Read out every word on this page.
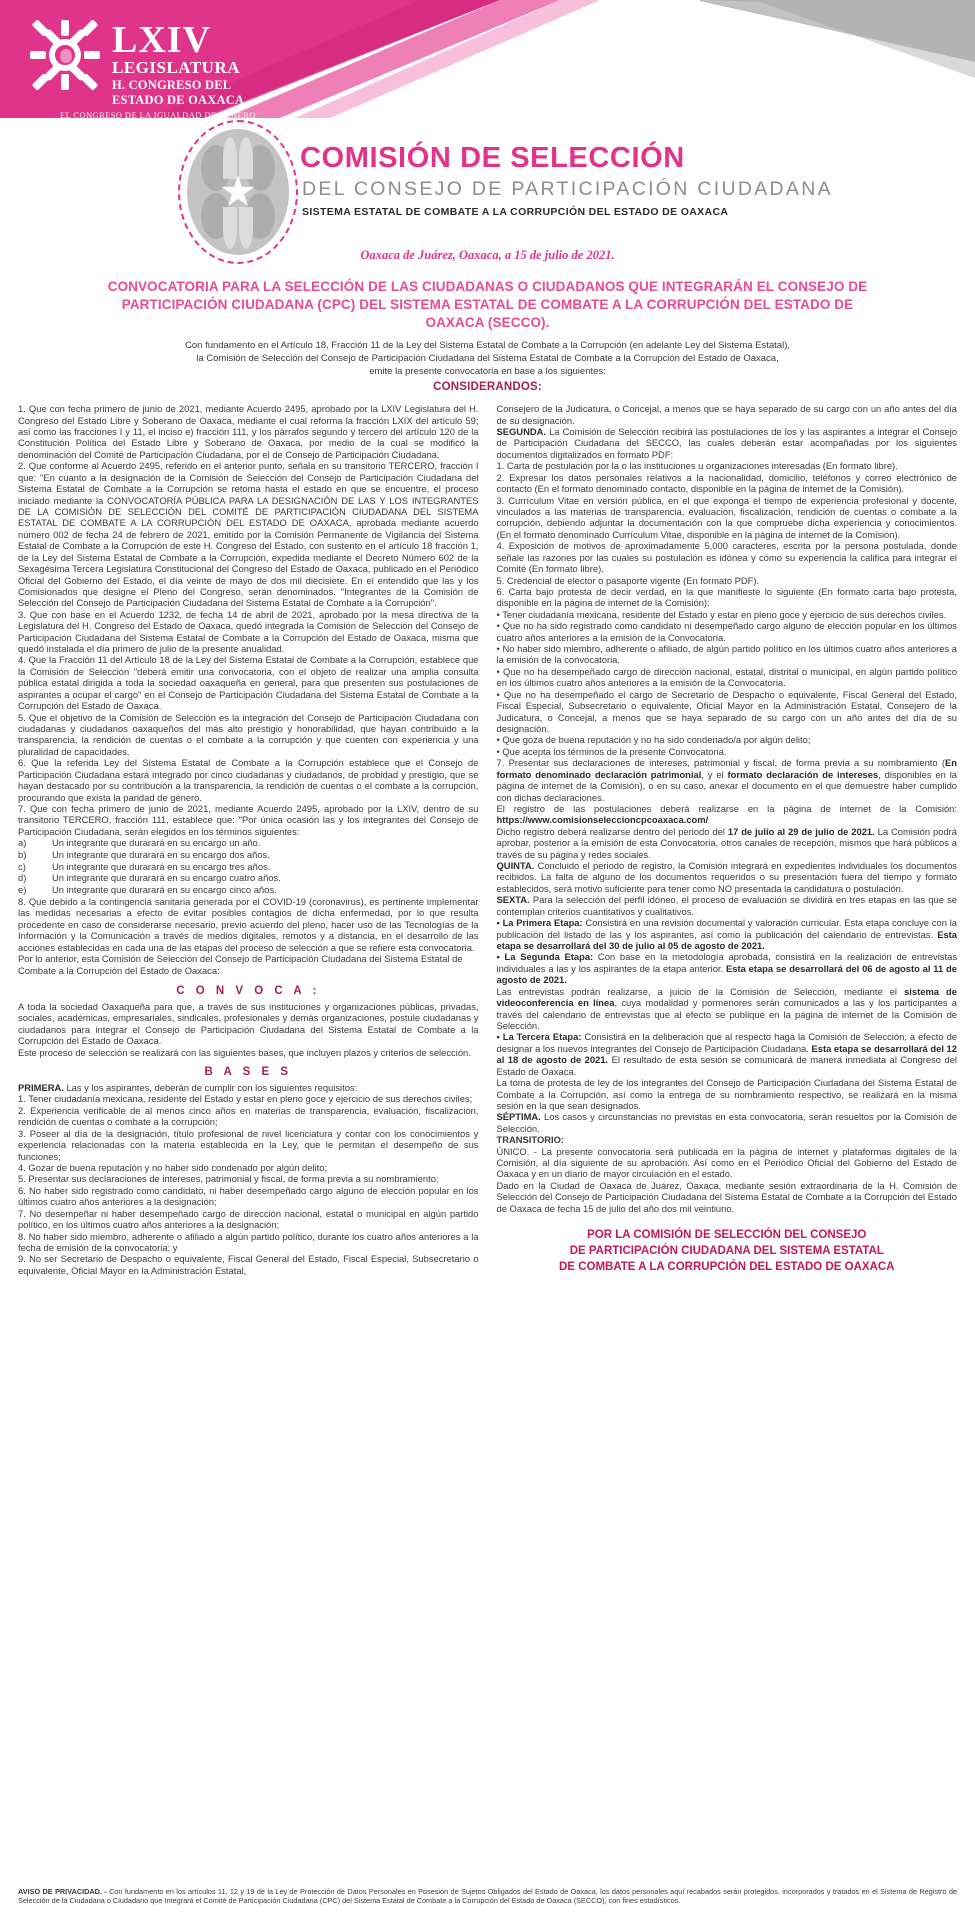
LXIV
LEGISLATURA
H. CONGRESO DEL
ESTADO DE OAXACA
EL CONGRESO DE LA IGUALDAD DE GÉNERO
COMISIÓN DE SELECCIÓN
DEL CONSEJO DE PARTICIPACIÓN CIUDADANA
SISTEMA ESTATAL DE COMBATE A LA CORRUPCIÓN DEL ESTADO DE OAXACA
Oaxaca de Juárez, Oaxaca, a 15 de julio de 2021.
CONVOCATORIA PARA LA SELECCIÓN DE LAS CIUDADANAS O CIUDADANOS QUE INTEGRARÁN EL CONSEJO DE PARTICIPACIÓN CIUDADANA (CPC) DEL SISTEMA ESTATAL DE COMBATE A LA CORRUPCIÓN DEL ESTADO DE OAXACA (SECCO).
Con fundamento en el Artículo 18, Fracción 11 de la Ley del Sistema Estatal de Combate a la Corrupción (en adelante Ley del Sistema Estatal),
la Comisión de Selección del Consejo de Participación Ciudadana del Sistema Estatal de Combate a la Corrupción del Estado de Oaxaca,
emite la presente convocatoria en base a los siguientes:
CONSIDERANDOS:

1. Que con fecha primero de junio de 2021, mediante Acuerdo 2495, aprobado por la LXIV Legislatura del H. Congreso del Estado Libre y Soberano de Oaxaca, mediante el cual reforma la fracción LXIX del artículo 59; así como las fracciones I y 11, el inciso e) fracción 111, y los párrafos segundo y tercero del artículo 120 de la Constitución Política del Estado Libre y Soberano de Oaxaca, por medio de la cual se modificó la denominación del Comité de Participación Ciudadana, por el de Consejo de Participación Ciudadana.

2. Que conforme al Acuerdo 2495, referido en el anterior punto, señala en su transitorio TERCERO, fracción I que: "En cuanto a la designación de la Comisión de Selección del Consejo de Participación Ciudadana del Sistema Estatal de Combate a la Corrupción se retoma hasta el estado en que se encuentre, el proceso iniciado mediante la CONVOCATORÍA PÚBLICA PARA LA DESIGNACIÓN DE LAS Y LOS INTEGRANTES DE LA COMISIÓN DE SELECCIÓN DEL COMITÉ DE PARTICIPACIÓN CIUDADANA DEL SISTEMA ESTATAL DE COMBATE A LA CORRUPCIÓN DEL ESTADO DE OAXACA, aprobada mediante acuerdo número 002 de fecha 24 de febrero de 2021, emitido por la Comisión Permanente de Vigilancia del Sistema Estatal de Combate a la Corrupción de este H. Congreso del Estado, con sustento en el artículo 18 fracción 1, de la Ley del Sistema Estatal de Combate a la Corrupción, expedida mediante el Decreto Número 602 de la Sexagésima Tercera Legislatura Constitucional del Congreso del Estado de Oaxaca, publicado en el Periódico Oficial del Gobierno del Estado, el día veinte de mayo de dos mil diecisiete. En el entendido que las y los Comisionados que designe el Pleno del Congreso, serán denominados. "Integrantes de la Comisión de Selección del Consejo de Participación Ciudadana del Sistema Estatal de Combate a la Corrupción".

3. Que con base en el Acuerdo 1232, de fecha 14 de abril de 2021, aprobado por la mesa directiva de la Legislatura del H. Congreso del Estado de Oaxaca, quedó integrada la Comisión de Selección del Consejo de Participación Ciudadana del Sistema Estatal de Combate a la Corrupción del Estado de Oaxaca, misma que quedó instalada el día primero de julio de la presente anualidad.

4. Que la Fracción 11 del Artículo 18 de la Ley del Sistema Estatal de Combate a la Corrupción, establece que la Comisión de Selección "deberá emitir una convocatoria, con el objeto de realizar una amplia consulta pública estatal dirigida a toda la sociedad oaxaqueña en general, para que presenten sus postulaciones de aspirantes a ocupar el cargo" en el Consejo de Participación Ciudadana del Sistema Estatal de Combate a la Corrupción del Estado de Oaxaca.

5. Que el objetivo de la Comisión de Selección es la integración del Consejo de Participación Ciudadana con ciudadanas y ciudadanos oaxaqueños del más alto prestigio y honorabilidad, que hayan contribuido a la transparencia, la rendición de cuentas o el combate a la corrupción y que cuenten con experiencia y una pluralidad de capacidades.

6. Que la referida Ley del Sistema Estatal de Combate a la Corrupción establece que el Consejo de Participación Ciudadana estará integrado por cinco ciudadanas y ciudadanos, de probidad y prestigio, que se hayan destacado por su contribución a la transparencia, la rendición de cuentas o el combate a la corrupción, procurando que exista la paridad de género.

7. Que con fecha primero de junio de 2021, mediante Acuerdo 2495, aprobado por la LXIV, dentro de su transitorio TERCERO, fracción 111, establece que: "Por única ocasión las y los integrantes del Consejo de Participación Ciudadana, serán elegidos en los términos siguientes:

a)	Un integrante que durarará en su encargo un año.
b)	Un integrante que durarará en su encargo dos años.
c)	Un integrante que durarará en su encargo tres años.
d)	Un integrante que durarará en su encargo cuatro años.
e)	Un integrante que durarará en su encargo cinco años.

8. Que debido a la contingencia sanitaria generada por el COVID-19 (coronavirus), es pertinente implementar las medidas necesarias a efecto de evitar posibles contagios de dicha enfermedad, por lo que resulta procedente en caso de considerarse necesario, previo acuerdo del pleno, hacer uso de las Tecnologías de la Información y la Comunicación a través de medios digitales, remotos y a distancia, en el desarrollo de las acciones establecidas en cada una de las etapas del proceso de selección a que se refiere esta convocatoria.

Por lo anterior, esta Comisión de Selección del Consejo de Participación Ciudadana del Sistema Estatal de Combate a la Corrupción del Estado de Oaxaca:

C O N V O C A :

A toda la sociedad Oaxaqueña para que, a través de sus instituciones y organizaciones públicas, privadas, sociales, académicas, empresariales, sindicales, profesionales y demás organizaciones, postule ciudadanas y ciudadanos para integrar el Consejo de Participación Ciudadana del Sistema Estatal de Combate a la Corrupción del Estado de Oaxaca.

Este proceso de selección se realizará con las siguientes bases, que incluyen plazos y criterios de selección.

B A S E S

PRIMERA. Las y los aspirantes, deberán de cumplir con los siguientes requisitos:

1. Tener ciudadanía mexicana, residente del Estado y estar en pleno goce y ejercicio de sus derechos civiles;

2. Experiencia verificable de al menos cinco años en materias de transparencia, evaluación, fiscalización, rendición de cuentas o combate a la corrupción;

3. Poseer al día de la designación, título profesional de nivel licenciatura y contar con los conocimientos y experiencia relacionadas con la materia establecida en la Ley, que le permitan el desempeño de sus funciones;

4. Gozar de buena reputación y no haber sido condenado por algún delito;

5. Presentar sus declaraciones de intereses, patrimonial y fiscal, de forma previa a su nombramiento;

6. No haber sido registrado como candidato, ni haber desempeñado cargo alguno de elección popular en los últimos cuatro años anteriores a la designación;

7. No desempeñar ni haber desempeñado cargo de dirección nacional, estatal o municipal en algún partido político, en los últimos cuatro años anteriores a la designación;

8. No haber sido miembro, adherente o afiliado a algún partido político, durante los cuatro años anteriores a la fecha de emisión de la convocatoria; y

9. No ser Secretario de Despacho o equivalente, Fiscal General del Estado, Fiscal Especial, Subsecretario o equivalente, Oficial Mayor en la Administración Estatal,

Consejero de la Judicatura, o Concejal, a menos que se haya separado de su cargo con un año antes del día de su designación.

SEGUNDA. La Comisión de Selección recibirá las postulaciones de los y las aspirantes a integrar el Consejo de Participación Ciudadana del SECCO, las cuales deberán estar acompañadas por los siguientes documentos digitalizados en formato PDF:

1. Carta de postulación por la o las instituciones u organizaciones interesadas (En formato libre).

2. Expresar los datos personales relativos a la nacionalidad, domicilio, teléfonos y correo electrónico de contacto (En el formato denominado contacto, disponible en la página de internet de la Comisión).

3. Currículum Vitae en versión pública, en el que exponga el tiempo de experiencia profesional y docente, vinculados a las materias de transparencia, evaluación, fiscalización, rendición de cuentas o combate a la corrupción, debiendo adjuntar la documentación con la que compruebe dicha experiencia y conocimientos. (En el formato denominado Currículum Vitae, disponible en la página de internet de la Comisión).

4. Exposición de motivos de aproximadamente 5,000 caracteres, escrita por la persona postulada, donde señale las razones por las cuales su postulación es idónea y cómo su experiencia la califica para integrar el Comité (En formato libre).

5. Credencial de elector o pasaporte vigente (En formato PDF).

6. Carta bajo protesta de decir verdad, en la que manifieste lo siguiente (En formato carta bajo protesta, disponible en la página de internet de la Comisión):

• Tener ciudadanía mexicana, residente del Estado y estar en pleno goce y ejercicio de sus derechos civiles.

• Que no ha sido registrado como candidato ni desempeñado cargo alguno de elección popular en los últimos cuatro años anteriores a la emisión de la Convocatoria.

• No haber sido miembro, adherente o afiliado, de algún partido político en los últimos cuatro años anteriores a la emisión de la convocatoria.

• Que no ha desempeñado cargo de dirección nacional, estatal, distrital o municipal, en algún partido político en los últimos cuatro años anteriores a la emisión de la Convocatoria.

• Que no ha desempeñado el cargo de Secretario de Despacho o equivalente, Fiscal General del Estado, Fiscal Especial, Subsecretario o equivalente, Oficial Mayor en la Administración Estatal, Consejero de la Judicatura, o Concejal, a menos que se haya separado de su cargo con un año antes del día de su designación.

• Que goza de buena reputación y no ha sido condenado/a por algún delito;

• Que acepta los términos de la presente Convocatoria.

7. Presentar sus declaraciones de intereses, patrimonial y fiscal, de forma previa a su nombramiento (En formato denominado declaración patrimonial, y el formato declaración de intereses, disponibles en la página de internet de la Comisión), o en su caso, anexar el documento en el que demuestre haber cumplido con dichas declaraciones.

El registro de las postulaciones deberá realizarse en la página de internet de la Comisión: https://www.comisionseleccioncpcoaxaca.com/

Dicho registro deberá realizarse dentro del periodo del 17 de julio al 29 de julio de 2021. La Comisión podrá aprobar, posterior a la emisión de esta Convocatoria, otros canales de recepción, mismos que hará públicos a través de su página y redes sociales.

QUINTA. Concluido el periodo de registro, la Comisión integrará en expedientes individuales los documentos recibidos. La falta de alguno de los documentos requeridos o su presentación fuera del tiempo y formato establecidos, será motivo suficiente para tener como NO presentada la candidatura o postulación.

SEXTA. Para la selección del perfil idóneo, el proceso de evaluación se dividirá en tres etapas en las que se contemplan criterios cuantitativos y cualitativos.

• La Primera Etapa: Consistirá en una revisión documental y valoración curricular. Esta etapa concluye con la publicación del listado de las y los aspirantes, así como la publicación del calendario de entrevistas. Esta etapa se desarrollará del 30 de julio al 05 de agosto de 2021.

• La Segunda Etapa: Con base en la metodología aprobada, consistirá en la realización de entrevistas individuales a las y los aspirantes de la etapa anterior. Esta etapa se desarrollará del 06 de agosto al 11 de agosto de 2021.

Las entrevistas podrán realizarse, a juicio de la Comisión de Selección, mediante el sistema de videoconferencia en línea, cuya modalidad y pormenores serán comunicados a las y los participantes a través del calendario de entrevistas que al efecto se publique en la página de internet de la Comisión de Selección.

• La Tercera Etapa: Consistirá en la deliberación que al respecto haga la Comisión de Selección, a efecto de designar a los nuevos integrantes del Consejo de Participación Ciudadana. Esta etapa se desarrollará del 12 al 18 de agosto de 2021. El resultado de esta sesión se comunicará de manera inmediata al Congreso del Estado de Oaxaca.

La toma de protesta de ley de los integrantes del Consejo de Participación Ciudadana del Sistema Estatal de Combate a la Corrupción, así como la entrega de su nombramiento respectivo, se realizará en la misma sesión en la que sean designados.

SÉPTIMA. Los casos y circunstancias no previstas en esta convocatoria, serán resueltos por la Comisión de Selección.

TRANSITORIO:

ÚNICO. - La presente convocatoria será publicada en la página de internet y plataformas digitales de la Comisión, al día siguiente de su aprobación. Así como en el Periódico Oficial del Gobierno del Estado de Oaxaca y en un diario de mayor circulación en el estado.

Dado en la Ciudad de Oaxaca de Juárez, Oaxaca, mediante sesión extraordinaria de la H. Comisión de Selección del Consejo de Participación Ciudadana del Sistema Estatal de Combate a la Corrupción del Estado de Oaxaca de fecha 15 de julio del año dos mil veintiuno.

POR LA COMISIÓN DE SELECCIÓN DEL CONSEJO
DE PARTICIPACIÓN CIUDADANA DEL SISTEMA ESTATAL
DE COMBATE A LA CORRUPCIÓN DEL ESTADO DE OAXACA
AVISO DE PRIVACIDAD. - Con fundamento en los artículos 11, 12 y 19 de la Ley de Protección de Datos Personales en Posesión de Sujetos Obligados del Estado de Oaxaca, los datos personales aquí recabados serán protegidos, incorporados y tratados en el Sistema de Registro de Selección de la Ciudadana o Ciudadano que Integrará el Comité de Participación Ciudadana (CPC) del Sistema Estatal de Combate a la Corrupción del Estado de Oaxaca (SECCO), con fines estadísticos.
